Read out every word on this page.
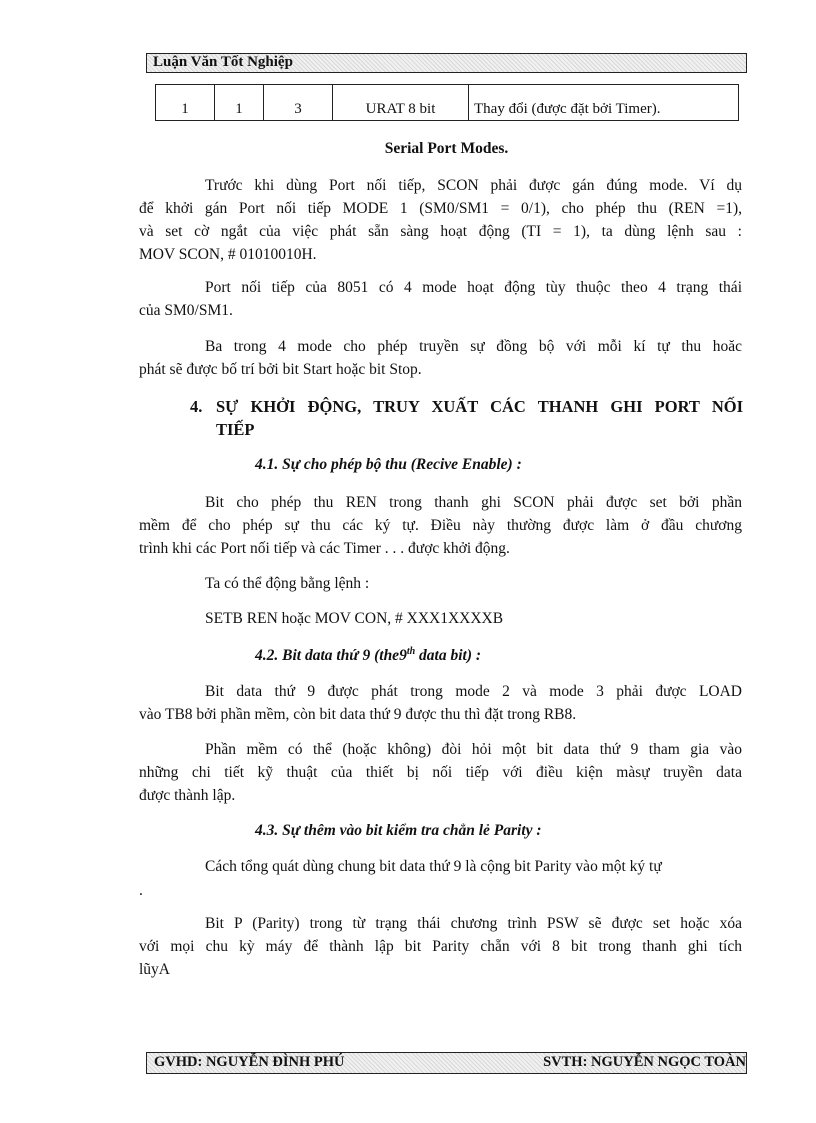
Luận Văn Tốt Nghiệp
1	1	3	URAT 8 bit	Thay đổi (được đặt bởi Timer).
Serial Port Modes.
Trước khi dùng Port nối tiếp, SCON phải được gán đúng mode. Ví dụ
để khởi gán Port nối tiếp MODE 1 (SM0/SM1 = 0/1), cho phép thu (REN =1),
và set cờ ngắt của việc phát sẵn sàng hoạt động (TI = 1), ta dùng lệnh sau :
MOV SCON, # 01010010H.
Port nối tiếp của 8051 có 4 mode hoạt động tùy thuộc theo 4 trạng thái
của SM0/SM1.
Ba trong 4 mode cho phép truyền sự đồng bộ với mỗi kí tự thu hoăc
phát sẽ được bố trí bởi bit Start hoặc bit Stop.
4. SỰ KHỞI ĐỘNG, TRUY XUẤT CÁC THANH GHI PORT NỐI
TIẾP
4.1. Sự cho phép bộ thu (Recive Enable) :
Bit cho phép thu REN trong thanh ghi SCON phải được set bởi phần
mềm để cho phép sự thu các ký tự. Điều này thường được làm ở đầu chương
trình khi các Port nối tiếp và các Timer . . . được khởi động.
Ta có thể động bằng lệnh :
SETB REN hoặc MOV CON, # XXX1XXXXB
4.2. Bit data thứ 9 (the9th data bit) :
Bit data thứ 9 được phát trong mode 2 và mode 3 phải được LOAD
vào TB8 bởi phần mềm, còn bit data thứ 9 được thu thì đặt trong RB8.
Phần mềm có thể (hoặc không) đòi hỏi một bit data thứ 9 tham gia vào
những chi tiết kỹ thuật của thiết bị nối tiếp với điều kiện màsự truyền data
được thành lập.
4.3. Sự thêm vào bit kiểm tra chẳn lẻ Parity :
Cách tổng quát dùng chung bit data thứ 9 là cộng bit Parity vào một ký tự
.
Bit P (Parity) trong từ trạng thái chương trình PSW sẽ được set hoặc xóa
với mọi chu kỳ máy để thành lập bit Parity chẵn với 8 bit trong thanh ghi tích
lũyA
GVHD: NGUYỄN ĐÌNH PHÚ	SVTH: NGUYỄN NGỌC TOÀN
